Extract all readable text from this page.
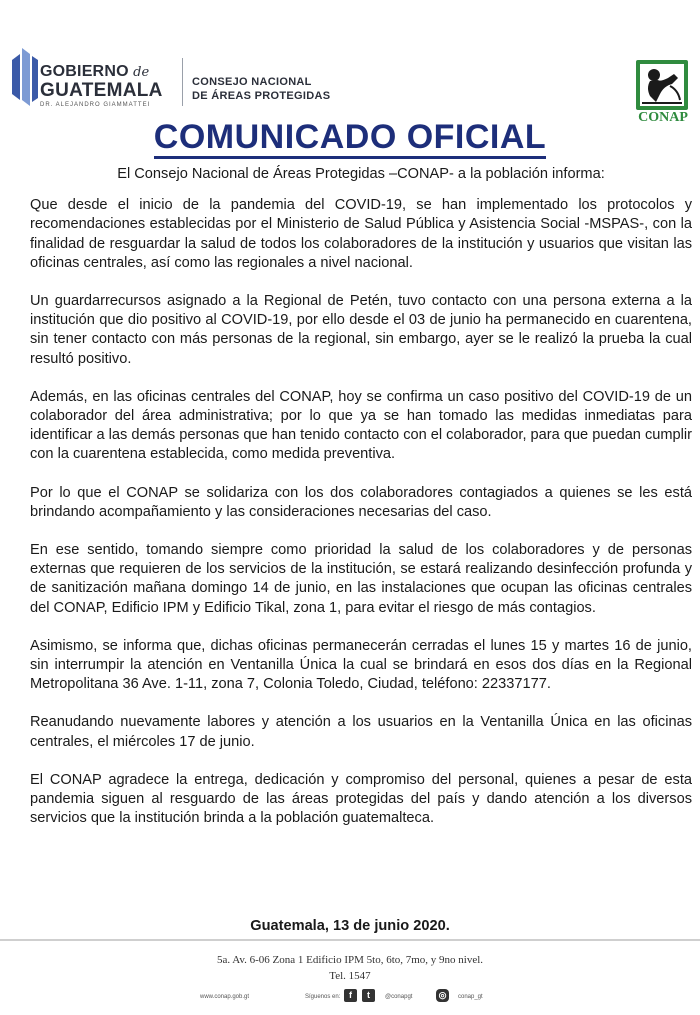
GOBIERNO de
GUATEMALA
DR. ALEJANDRO GIAMMATTEI
CONSEJO NACIONAL
DE ÁREAS PROTEGIDAS
CONAP
COMUNICADO OFICIAL

El Consejo Nacional de Áreas Protegidas –CONAP- a la población informa:

Que desde el inicio de la pandemia del COVID-19, se han implementado los protocolos y recomendaciones establecidas por el Ministerio de Salud Pública y Asistencia Social -MSPAS-, con la finalidad de resguardar la salud de todos los colaboradores de la institución y usuarios que visitan las oficinas centrales, así como las regionales a nivel nacional.

Un guardarrecursos asignado a la Regional de Petén, tuvo contacto con una persona externa a la institución que dio positivo al COVID-19, por ello desde el 03 de junio ha permanecido en cuarentena, sin tener contacto con más personas de la regional, sin embargo, ayer se le realizó la prueba la cual resultó positivo.

Además, en las oficinas centrales del CONAP, hoy se confirma un caso positivo del COVID-19 de un colaborador del área administrativa; por lo que ya se han tomado las medidas inmediatas para identificar a las demás personas que han tenido contacto con el colaborador, para que puedan cumplir con la cuarentena establecida, como medida preventiva.

Por lo que el CONAP se solidariza con los dos colaboradores contagiados a quienes se les está brindando acompañamiento y las consideraciones necesarias del caso.

En ese sentido, tomando siempre como prioridad la salud de los colaboradores y de personas externas que requieren de los servicios de la institución, se estará realizando desinfección profunda y de sanitización mañana domingo 14 de junio, en las instalaciones que ocupan las oficinas centrales del CONAP, Edificio IPM y Edificio Tikal, zona 1, para evitar el riesgo de más contagios.

Asimismo, se informa que, dichas oficinas permanecerán cerradas el lunes 15 y martes 16 de junio, sin interrumpir la atención en Ventanilla Única la cual se brindará en esos dos días en la Regional Metropolitana 36 Ave. 1-11, zona 7, Colonia Toledo, Ciudad, teléfono: 22337177.

Reanudando nuevamente labores y atención a los usuarios en la Ventanilla Única en las oficinas centrales, el miércoles 17 de junio.

El CONAP agradece la entrega, dedicación y compromiso del personal, quienes a pesar de esta pandemia siguen al resguardo de las áreas protegidas del país y dando atención a los diversos servicios que la institución brinda a la población guatemalteca.

Guatemala, 13 de junio 2020.
5a. Av. 6-06 Zona 1 Edificio IPM 5to, 6to, 7mo, y 9no nivel.
Tel. 1547
www.conap.gob.gt	Síguenos en: f	t	@conapgt	◎	conap_gt
